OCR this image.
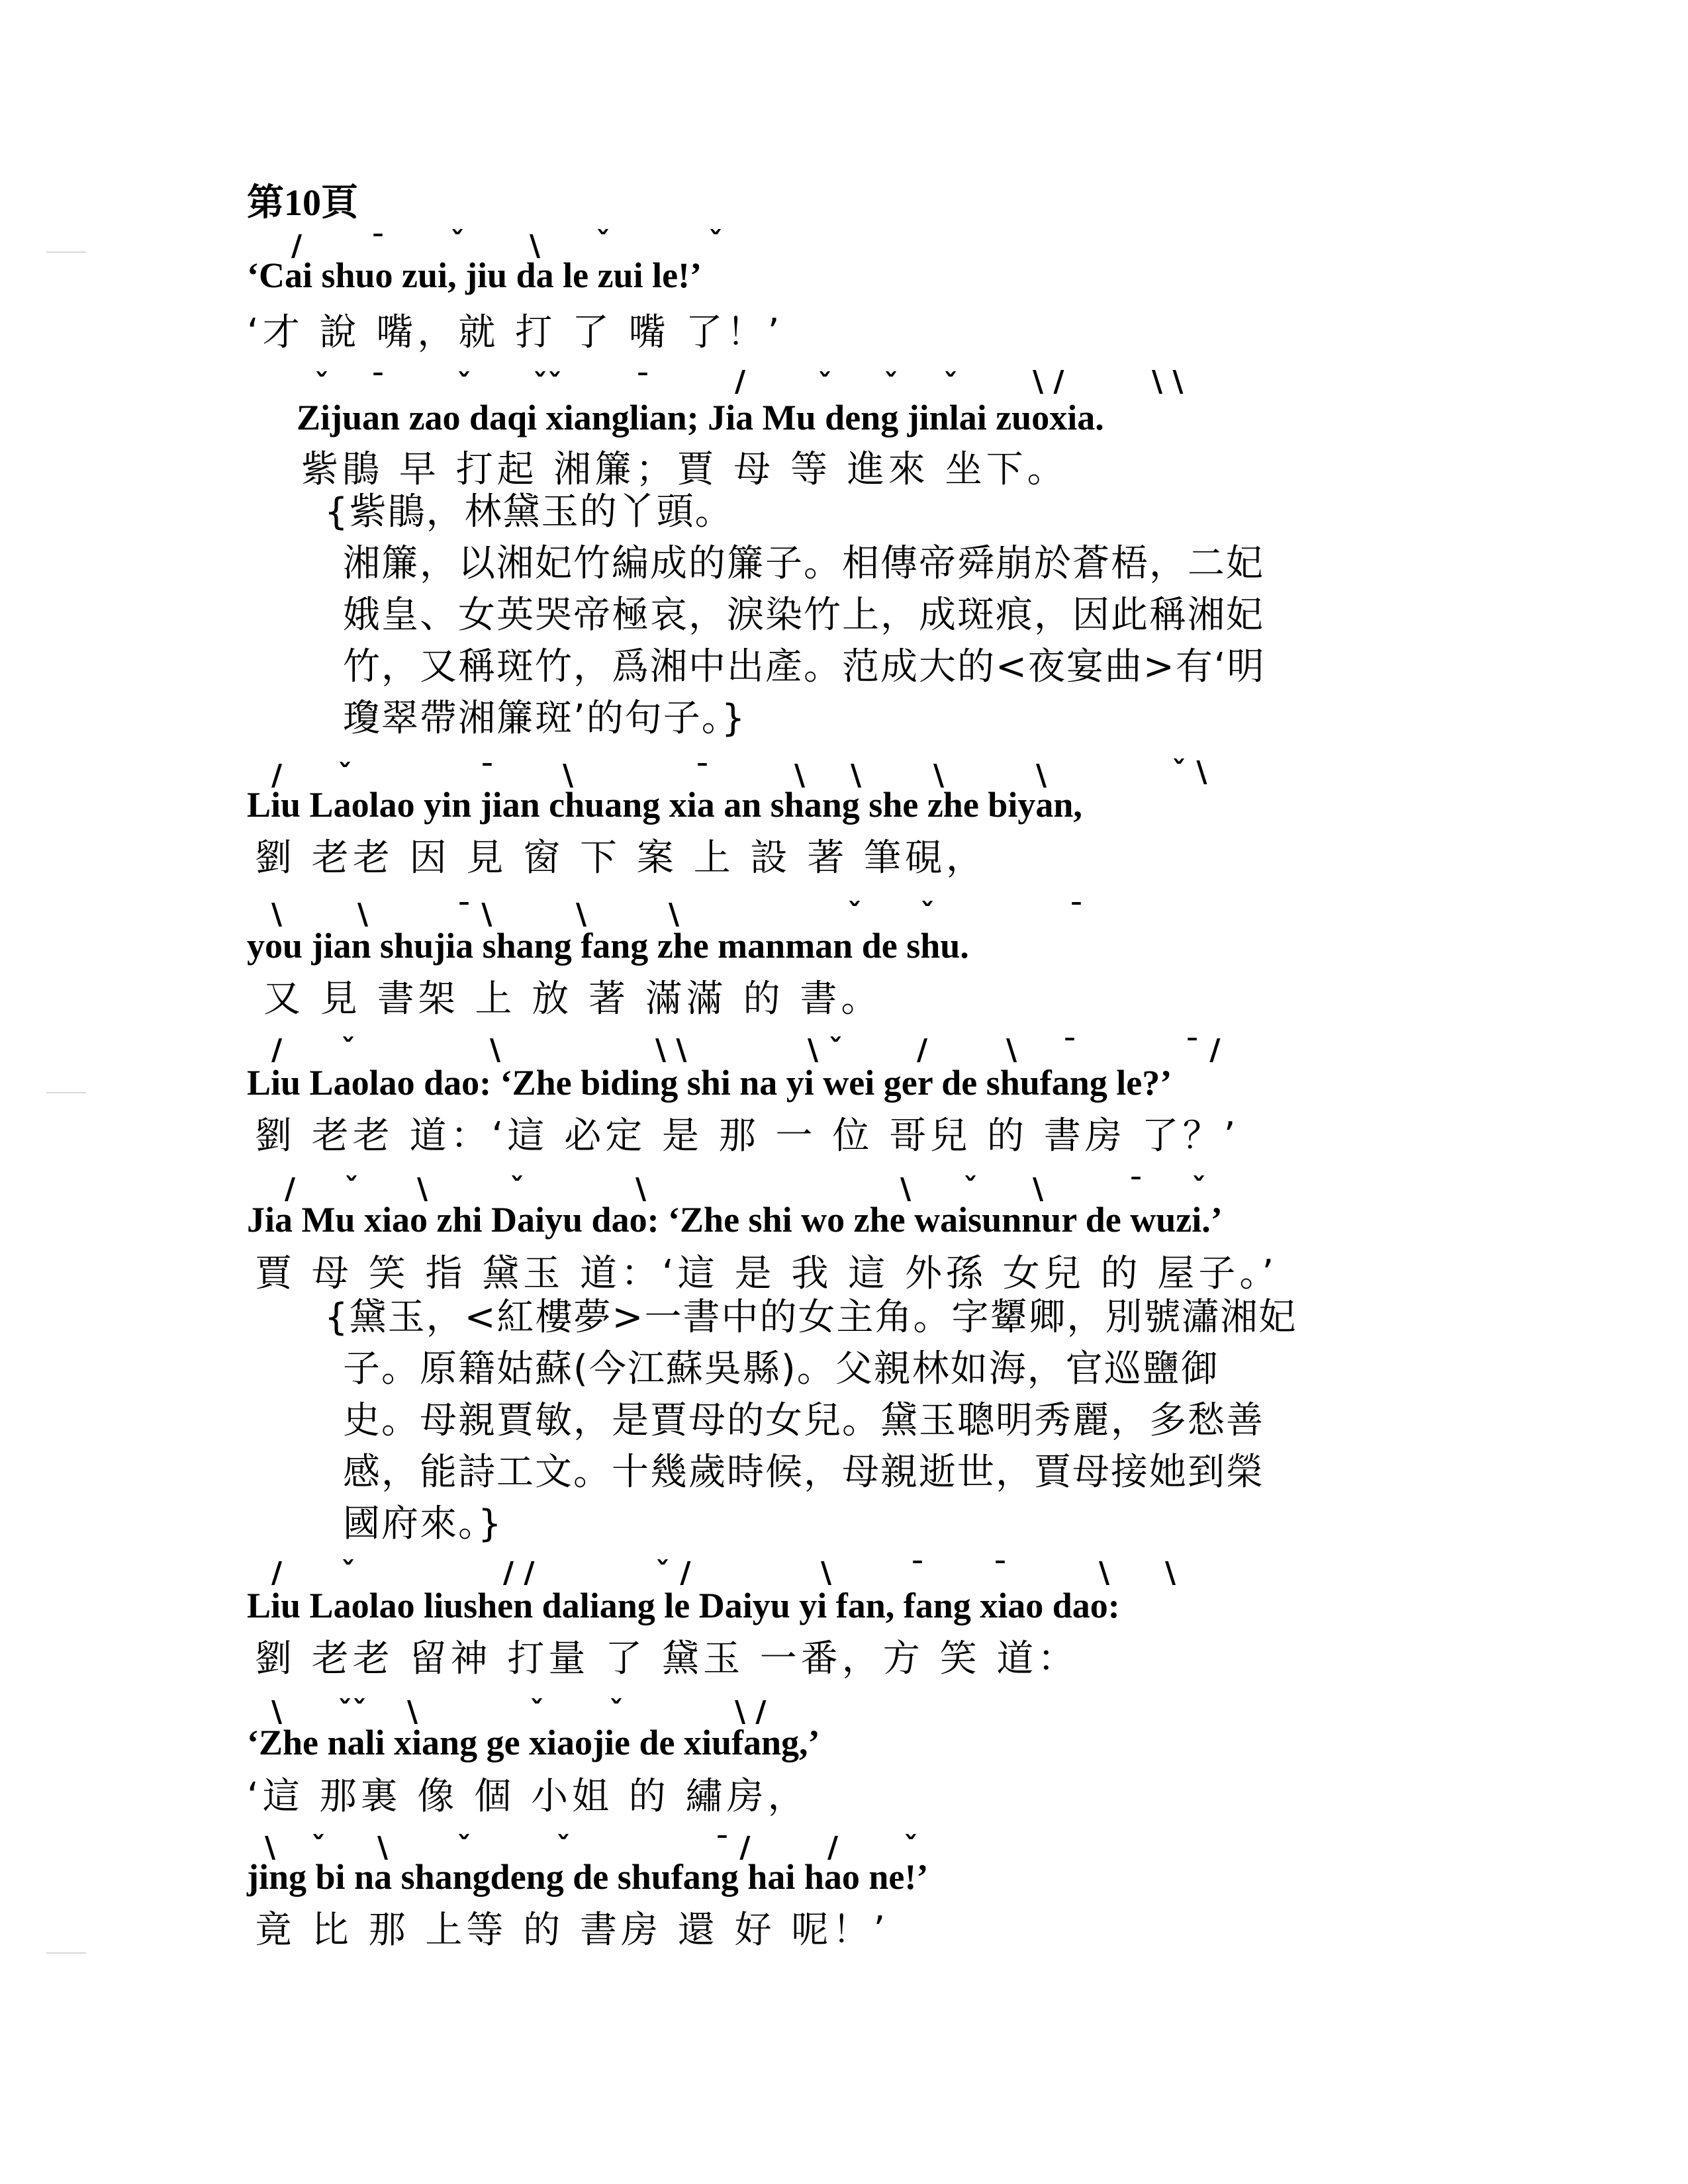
第10頁
‘Cai shuo zui, jiu da le zui le!’
‘才 說 嘴，就 打 了 嘴 了！’
Zijuan zao daqi xianglian; Jia Mu deng jinlai zuoxia.
紫鵑 早 打起 湘簾；賈 母 等 進來 坐下。
{紫鵑，林黛玉的丫頭。
湘簾，以湘妃竹編成的簾子。相傳帝舜崩於蒼梧，二妃
娥皇、女英哭帝極哀，淚染竹上，成斑痕，因此稱湘妃
竹，又稱斑竹，爲湘中出產。范成大的<夜宴曲>有‘明
瓊翠帶湘簾斑’的句子。}
Liu Laolao yin jian chuang xia an shang she zhe biyan,
劉 老老 因 見 窗 下 案 上 設 著 筆硯，
you jian shujia shang fang zhe manman de shu.
又 見 書架 上 放 著 滿滿 的 書。
Liu Laolao dao: ‘Zhe biding shi na yi wei ger de shufang le?’
劉 老老 道：‘這 必定 是 那 一 位 哥兒 的 書房 了？’
Jia Mu xiao zhi Daiyu dao: ‘Zhe shi wo zhe waisunnur de wuzi.’
賈 母 笑 指 黛玉 道：‘這 是 我 這 外孫 女兒 的 屋子。’
{黛玉，<紅樓夢>一書中的女主角。字顰卿，別號瀟湘妃
子。原籍姑蘇(今江蘇吳縣)。父親林如海，官巡鹽御
史。母親賈敏，是賈母的女兒。黛玉聰明秀麗，多愁善
感，能詩工文。十幾歲時候，母親逝世，賈母接她到榮
國府來。}
Liu Laolao liushen daliang le Daiyu yi fan, fang xiao dao:
劉 老老 留神 打量 了 黛玉 一番，方 笑 道：
‘Zhe nali xiang ge xiaojie de xiufang,’
‘這 那裏 像 個 小姐 的 繡房，
jing bi na shangdeng de shufang hai hao ne!’
竟 比 那 上等 的 書房 還 好 呢！’
/ ¯ ˇ \ ˇ	ˇ
ˇ ¯ ˇ ˇˇ	¯	/ ˇ ˇ ˇ	\ /	\ \
/ ˇ	¯ \	¯	\ \ \	\	ˇ \
\	\	¯ \	\	\	ˇ ˇ	¯
/ ˇ	\	\ \	\ ˇ	/	\ ¯	¯ /
/ ˇ \	ˇ	\	\ ˇ \	¯ ˇ
/ ˇ	/ /	ˇ /	\	¯ ¯	\ \
\ ˇˇ \	ˇ ˇ	\ /
\ ˇ \ ˇ	ˇ	¯ /	/ ˇ
